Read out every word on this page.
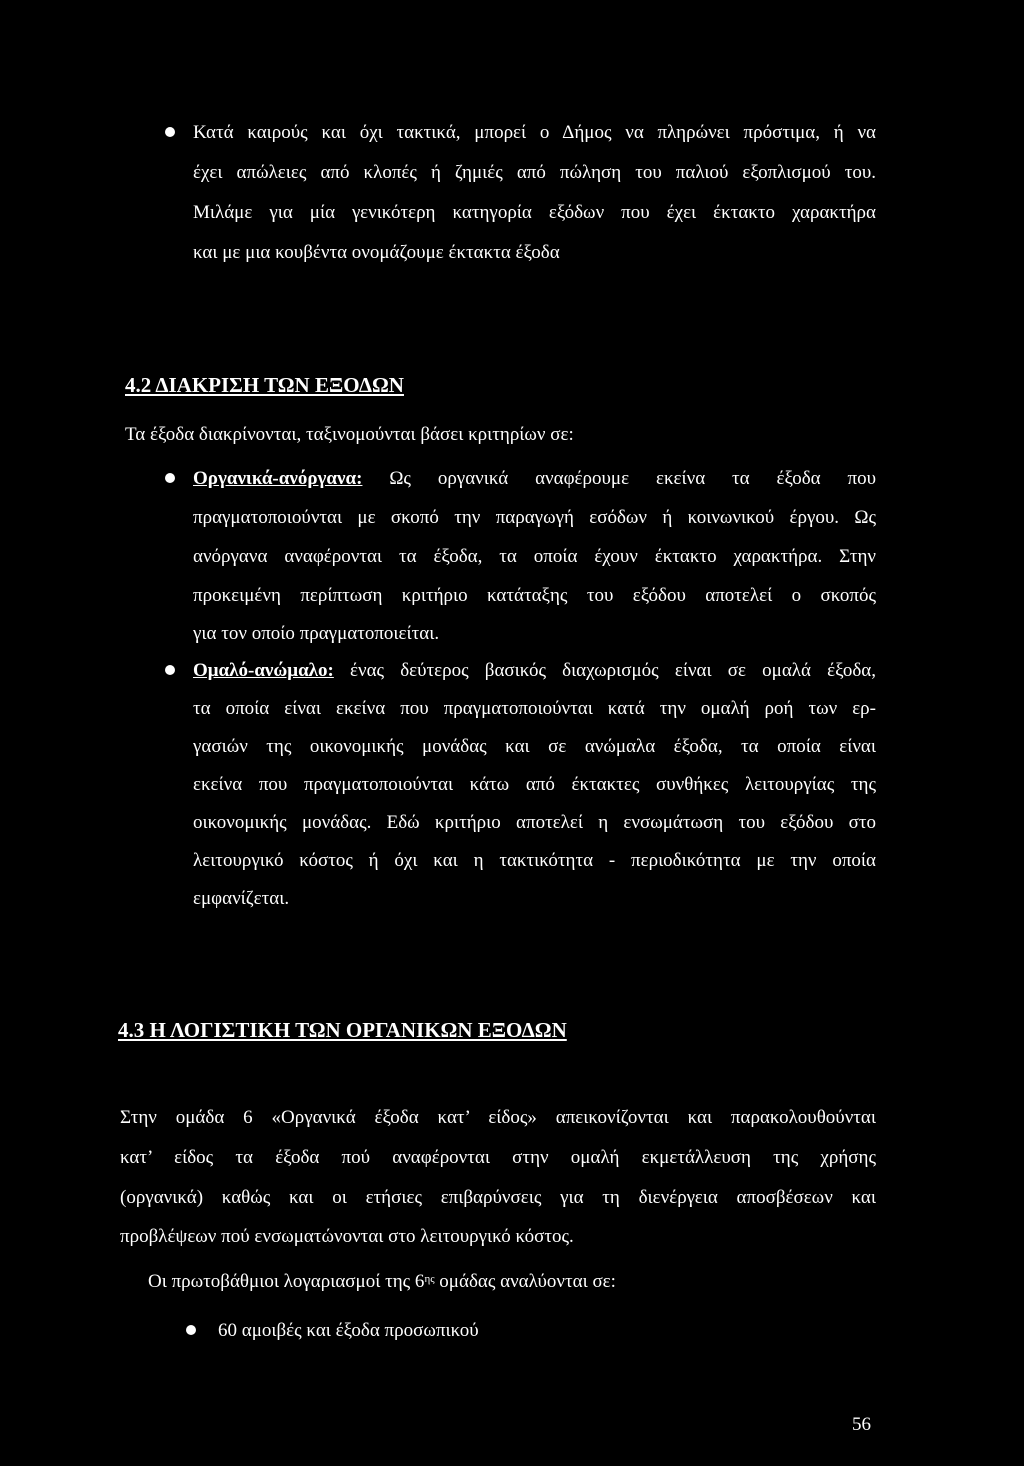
Κατά καιρούς και όχι τακτικά, μπορεί ο Δήμος να πληρώνει πρόστιμα, ή να
έχει απώλειες από κλοπές ή ζημιές από πώληση του παλιού εξοπλισμού του.
Μιλάμε για μία γενικότερη κατηγορία εξόδων που έχει έκτακτο χαρακτήρα
και με μια κουβέντα ονομάζουμε έκτακτα έξοδα
4.2 ΔΙΑΚΡΙΣΗ ΤΩΝ ΕΞΟΔΩΝ
Τα έξοδα διακρίνονται, ταξινομούνται βάσει κριτηρίων σε:
Οργανικά-ανόργανα: Ως οργανικά αναφέρουμε εκείνα τα έξοδα που
πραγματοποιούνται με σκοπό την παραγωγή εσόδων ή κοινωνικού έργου. Ως
ανόργανα αναφέρονται τα έξοδα, τα οποία έχουν έκτακτο χαρακτήρα. Στην
προκειμένη περίπτωση κριτήριο κατάταξης του εξόδου αποτελεί ο σκοπός
για τον οποίο πραγματοποιείται.
Ομαλό-ανώμαλο: ένας δεύτερος βασικός διαχωρισμός είναι σε ομαλά έξοδα,
τα οποία είναι εκείνα που πραγματοποιούνται κατά την ομαλή ροή των ερ-
γασιών της οικονομικής μονάδας και σε ανώμαλα έξοδα, τα οποία είναι
εκείνα που πραγματοποιούνται κάτω από έκτακτες συνθήκες λειτουργίας της
οικονομικής μονάδας. Εδώ κριτήριο αποτελεί η ενσωμάτωση του εξόδου στο
λειτουργικό κόστος ή όχι και η τακτικότητα - περιοδικότητα με την οποία
εμφανίζεται.
4.3 Η ΛΟΓΙΣΤΙΚΗ ΤΩΝ ΟΡΓΑΝΙΚΩΝ ΕΞΟΔΩΝ
Στην ομάδα 6 «Οργανικά έξοδα κατ’ είδος» απεικονίζονται και παρακολουθούνται
κατ’ είδος τα έξοδα πού αναφέρονται στην ομαλή εκμετάλλευση της χρήσης
(οργανικά) καθώς και οι ετήσιες επιβαρύνσεις για τη διενέργεια αποσβέσεων και
προβλέψεων πού ενσωματώνονται στο λειτουργικό κόστος.
Οι πρωτοβάθμιοι λογαριασμοί της $6^{\eta\varsigma}$ ομάδας αναλύονται σε:
60 αμοιβές και έξοδα προσωπικού
56
